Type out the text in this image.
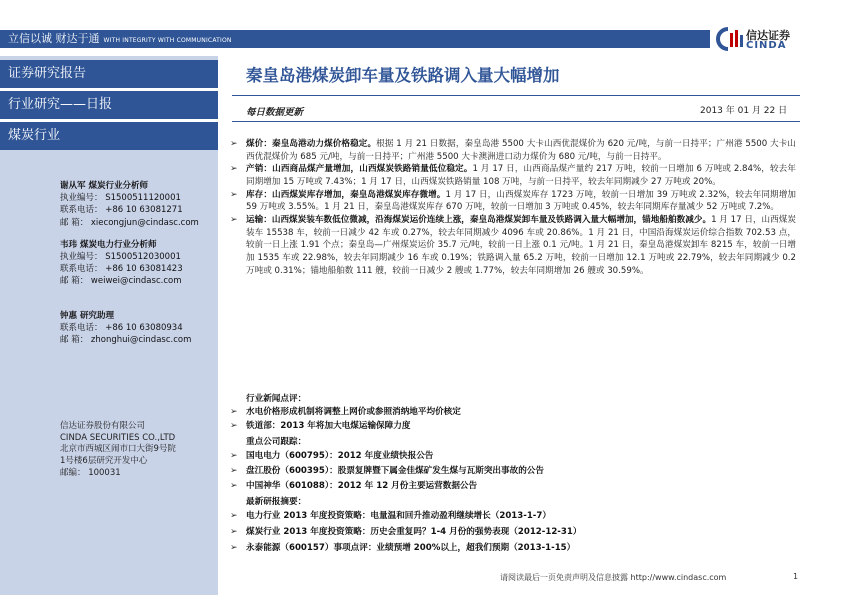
立信以诚 财达于通 WITH INTEGRITY WITH COMMUNICATION	信达证券
CINDA
证券研究报告
行业研究——日报
煤炭行业
谢从军 煤炭行业分析师
执业编号： S1500511120001
联系电话： +86 10 63081271
邮 箱： xiecongjun@cindasc.com
韦玮 煤炭电力行业分析师
执业编号： S1500512030001
联系电话： +86 10 63081423
邮 箱： weiwei@cindasc.com
钟惠 研究助理
联系电话： +86 10 63080934
邮 箱： zhonghui@cindasc.com
信达证券股份有限公司
CINDA SECURITIES CO.,LTD
北京市西城区闹市口大街9号院
1号楼6层研究开发中心
邮编： 100031
秦皇岛港煤炭卸车量及铁路调入量大幅增加
每日数据更新	2013 年 01 月 22 日
➢ 煤价：秦皇岛港动力煤价格稳定。根据 1 月 21 日数据，秦皇岛港 5500 大卡山西优混煤价为 620 元/吨，与前一日持平；广州港 5500 大卡山西优混煤价为 685 元/吨，与前一日持平；广州港 5500 大卡澳洲进口动力煤价为 680 元/吨，与前一日持平。
➢ 产销：山西商品煤产量增加，山西煤炭铁路销量低位稳定。1 月 17 日，山西商品煤产量约 217 万吨，较前一日增加 6 万吨或 2.84%，较去年同期增加 15 万吨或 7.43%；1 月 17 日，山西煤炭铁路销量 108 万吨，与前一日持平，较去年同期减少 27 万吨或 20%。
➢ 库存：山西煤炭库存增加，秦皇岛港煤炭库存微增。1 月 17 日，山西煤炭库存 1723 万吨，较前一日增加 39 万吨或 2.32%，较去年同期增加 59 万吨或 3.55%。1 月 21 日，秦皇岛港煤炭库存 670 万吨，较前一日增加 3 万吨或 0.45%，较去年同期库存量减少 52 万吨或 7.2%。
➢ 运输：山西煤炭装车数低位微减，沿海煤炭运价连续上涨，秦皇岛港煤炭卸车量及铁路调入量大幅增加，锚地船舶数减少。1 月 17 日，山西煤炭装车 15538 车，较前一日减少 42 车或 0.27%，较去年同期减少 4096 车或 20.86%。1 月 21 日，中国沿海煤炭运价综合指数 702.53 点，较前一日上涨 1.91 个点；秦皇岛—广州煤炭运价 35.7 元/吨，较前一日上涨 0.1 元/吨。1 月 21 日，秦皇岛港煤炭卸车 8215 车，较前一日增加 1535 车或 22.98%，较去年同期减少 16 车或 0.19%；铁路调入量 65.2 万吨，较前一日增加 12.1 万吨或 22.79%，较去年同期减少 0.2 万吨或 0.31%；锚地船舶数 111 艘，较前一日减少 2 艘或 1.77%，较去年同期增加 26 艘或 30.59%。
行业新闻点评：
➢ 水电价格形成机制将调整上网价或参照消纳地平均价核定
➢ 铁道部：2013 年将加大电煤运输保障力度
重点公司跟踪：
➢ 国电电力（600795）：2012 年度业绩快报公告
➢ 盘江股份（600395）：股票复牌暨下属金佳煤矿发生煤与瓦斯突出事故的公告
➢ 中国神华（601088）：2012 年 12 月份主要运营数据公告
最新研报摘要：
➢ 电力行业 2013 年度投资策略：电量温和回升推动盈利继续增长（2013-1-7）
➢ 煤炭行业 2013 年度投资策略：历史会重复吗？1-4 月份的强势表现（2012-12-31）
➢ 永泰能源（600157）事项点评：业绩预增 200%以上，超我们预期（2013-1-15）
请阅读最后一页免责声明及信息披露 http://www.cindasc.com	1
